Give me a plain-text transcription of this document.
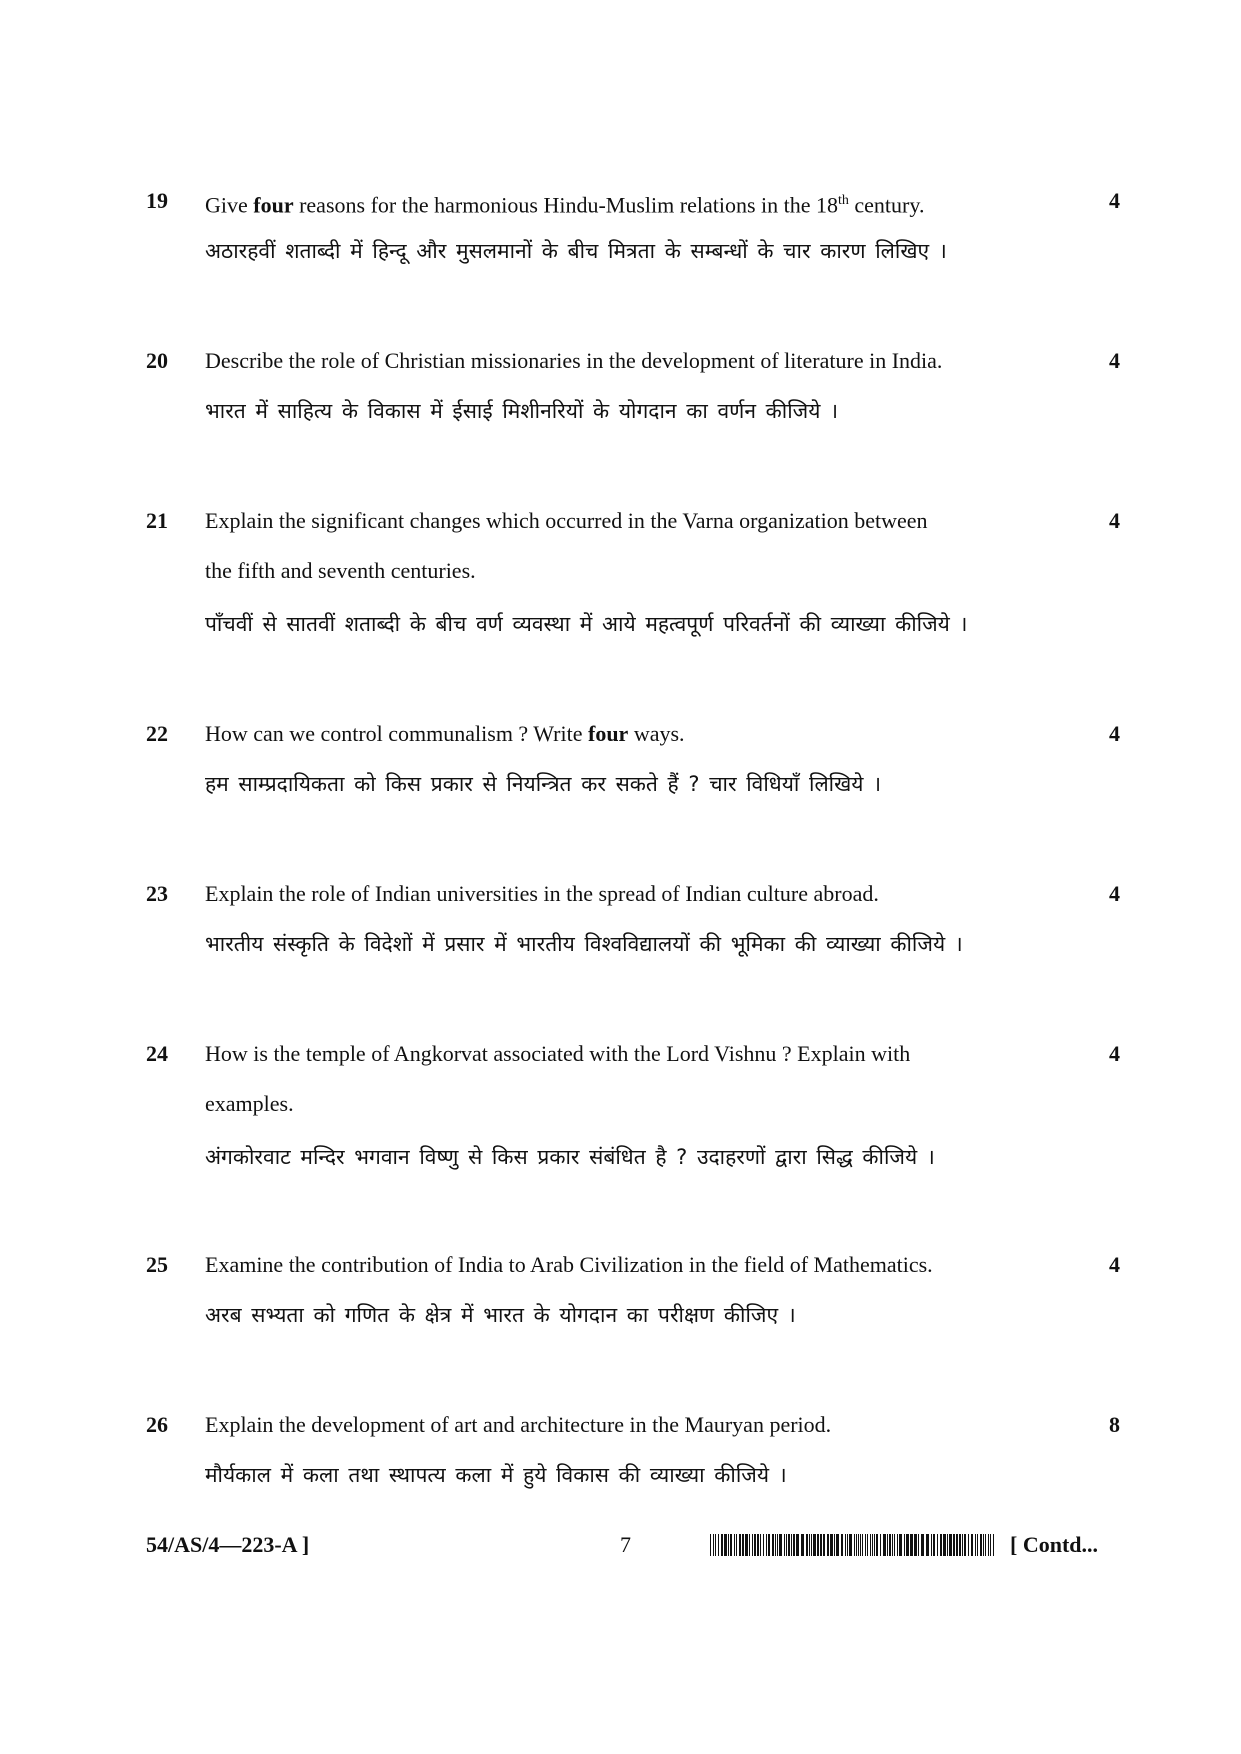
19 Give four reasons for the harmonious Hindu-Muslim relations in the 18th century.
अठारहवीं शताब्दी में हिन्दू और मुसलमानों के बीच मित्रता के सम्बन्धों के चार कारण लिखिए ।
4
20 Describe the role of Christian missionaries in the development of literature in India.
भारत में साहित्य के विकास में ईसाई मिशीनरियों के योगदान का वर्णन कीजिये ।
4
21 Explain the significant changes which occurred in the Varna organization between
the fifth and seventh centuries.
पाँचवीं से सातवीं शताब्दी के बीच वर्ण व्यवस्था में आये महत्वपूर्ण परिवर्तनों की व्याख्या कीजिये ।
4
22 How can we control communalism ? Write four ways.
हम साम्प्रदायिकता को किस प्रकार से नियन्त्रित कर सकते हैं ? चार विधियाँ लिखिये ।
4
23 Explain the role of Indian universities in the spread of Indian culture abroad.
भारतीय संस्कृति के विदेशों में प्रसार में भारतीय विश्वविद्यालयों की भूमिका की व्याख्या कीजिये ।
4
24 How is the temple of Angkorvat associated with the Lord Vishnu ? Explain with
examples.
अंगकोरवाट मन्दिर भगवान विष्णु से किस प्रकार संबंधित है ? उदाहरणों द्वारा सिद्ध कीजिये ।
4
25 Examine the contribution of India to Arab Civilization in the field of Mathematics.
अरब सभ्यता को गणित के क्षेत्र में भारत के योगदान का परीक्षण कीजिए ।
4
26 Explain the development of art and architecture in the Mauryan period.
मौर्यकाल में कला तथा स्थापत्य कला में हुये विकास की व्याख्या कीजिये ।
8
54/AS/4—223-A ]	7	[ Contd...
